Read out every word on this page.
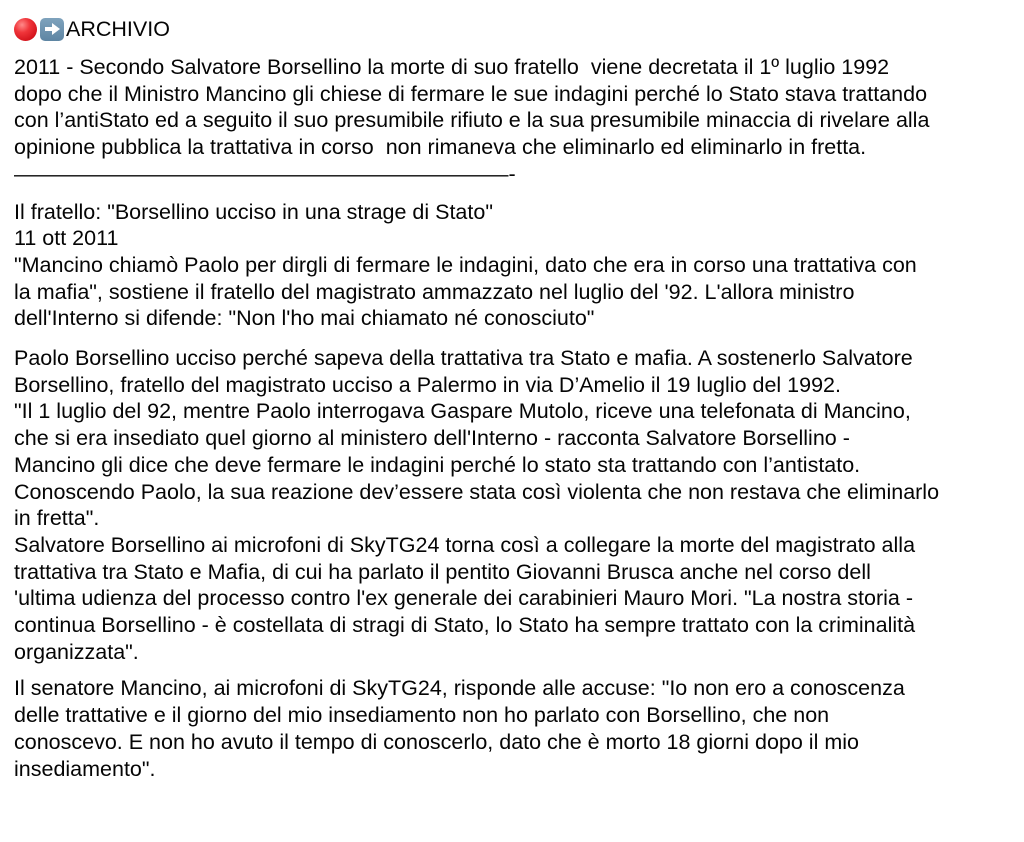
ARCHIVIO

2011 - Secondo Salvatore Borsellino la morte di suo fratello  viene decretata il 1º luglio 1992

dopo che il Ministro Mancino gli chiese di fermare le sue indagini perché lo Stato stava trattando

con l’antiStato ed a seguito il suo presumibile rifiuto e la sua presumibile minaccia di rivelare alla

opinione pubblica la trattativa in corso  non rimaneva che eliminarlo ed eliminarlo in fretta.

———————————————————————-

Il fratello: "Borsellino ucciso in una strage di Stato"

11 ott 2011

"Mancino chiamò Paolo per dirgli di fermare le indagini, dato che era in corso una trattativa con

la mafia", sostiene il fratello del magistrato ammazzato nel luglio del '92. L'allora ministro

dell'Interno si difende: "Non l'ho mai chiamato né conosciuto"

Paolo Borsellino ucciso perché sapeva della trattativa tra Stato e mafia. A sostenerlo Salvatore

Borsellino, fratello del magistrato ucciso a Palermo in via D’Amelio il 19 luglio del 1992.

"Il 1 luglio del 92, mentre Paolo interrogava Gaspare Mutolo, riceve una telefonata di Mancino,

che si era insediato quel giorno al ministero dell'Interno - racconta Salvatore Borsellino -

Mancino gli dice che deve fermare le indagini perché lo stato sta trattando con l’antistato.

Conoscendo Paolo, la sua reazione dev’essere stata così violenta che non restava che eliminarlo

in fretta".

Salvatore Borsellino ai microfoni di SkyTG24 torna così a collegare la morte del magistrato alla

trattativa tra Stato e Mafia, di cui ha parlato il pentito Giovanni Brusca anche nel corso dell

'ultima udienza del processo contro l'ex generale dei carabinieri Mauro Mori. "La nostra storia -

continua Borsellino - è costellata di stragi di Stato, lo Stato ha sempre trattato con la criminalità

organizzata".

Il senatore Mancino, ai microfoni di SkyTG24, risponde alle accuse: "Io non ero a conoscenza

delle trattative e il giorno del mio insediamento non ho parlato con Borsellino, che non

conoscevo. E non ho avuto il tempo di conoscerlo, dato che è morto 18 giorni dopo il mio

insediamento".
